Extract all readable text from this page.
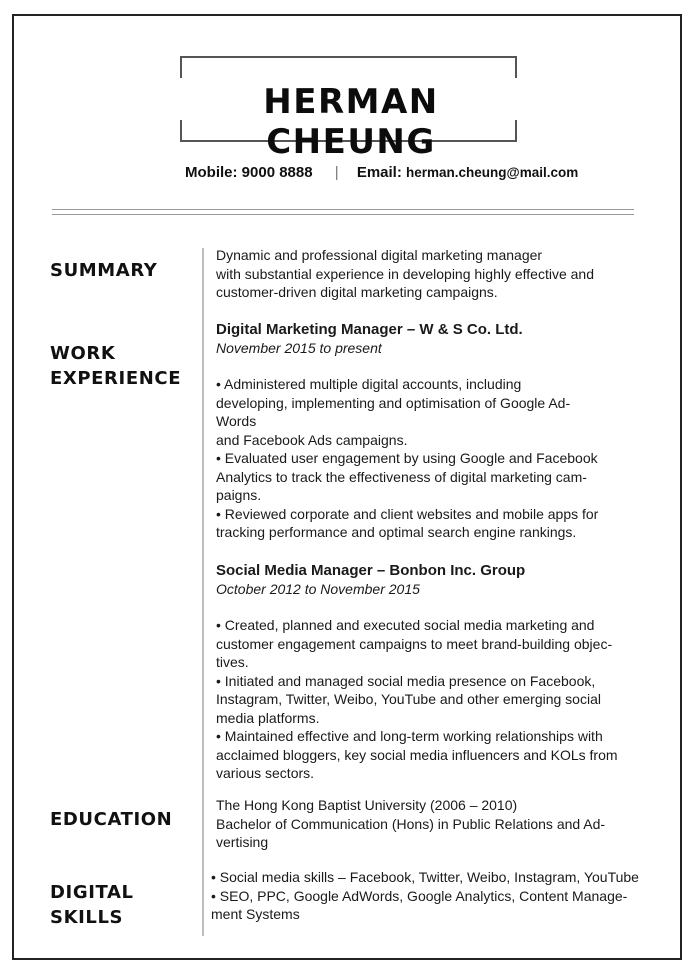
HERMAN CHEUNG
Mobile: 9000 8888 | Email: herman.cheung@mail.com
SUMMARY
Dynamic and professional digital marketing manager
with substantial experience in developing highly effective and
customer-driven digital marketing campaigns.
WORK
EXPERIENCE
Digital Marketing Manager – W & S Co. Ltd.
November 2015 to present
• Administered multiple digital accounts, including
developing, implementing and optimisation of Google Ad-
Words
and Facebook Ads campaigns.
• Evaluated user engagement by using Google and Facebook
Analytics to track the effectiveness of digital marketing cam-
paigns.
• Reviewed corporate and client websites and mobile apps for
tracking performance and optimal search engine rankings.
Social Media Manager – Bonbon Inc. Group
October 2012 to November 2015
• Created, planned and executed social media marketing and
customer engagement campaigns to meet brand-building objec-
tives.
• Initiated and managed social media presence on Facebook,
Instagram, Twitter, Weibo, YouTube and other emerging social
media platforms.
• Maintained effective and long-term working relationships with
acclaimed bloggers, key social media influencers and KOLs from
various sectors.
EDUCATION
The Hong Kong Baptist University (2006 – 2010)
Bachelor of Communication (Hons) in Public Relations and Ad-
vertising
DIGITAL SKILLS
• Social media skills – Facebook, Twitter, Weibo, Instagram, YouTube
• SEO, PPC, Google AdWords, Google Analytics, Content Manage-
ment Systems
